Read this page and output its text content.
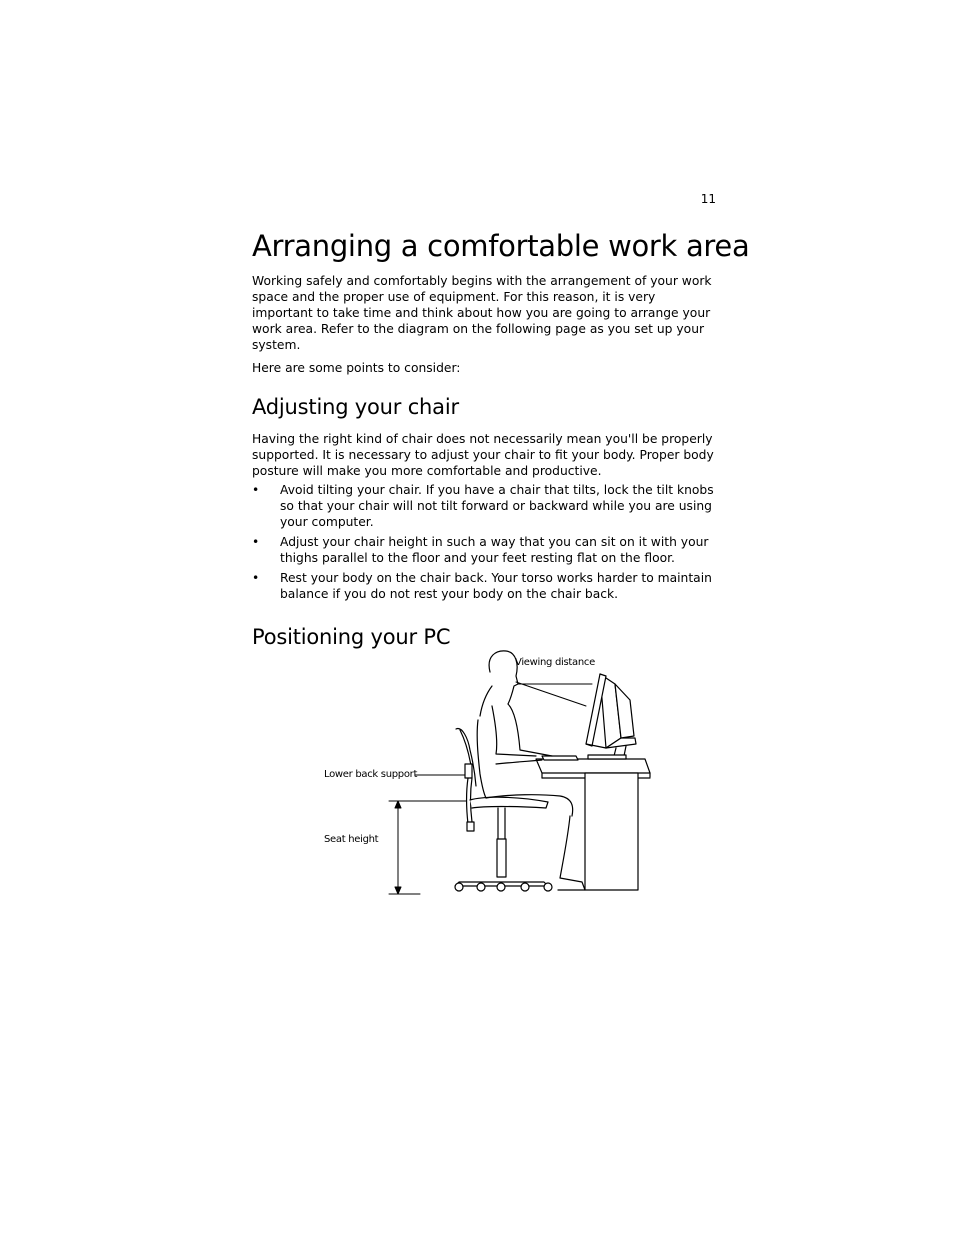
11
Arranging a comfortable work area

Working safely and comfortably begins with the arrangement of your work space and the proper use of equipment. For this reason, it is very important to take time and think about how you are going to arrange your work area. Refer to the diagram on the following page as you set up your system.

Here are some points to consider:

Adjusting your chair

Having the right kind of chair does not necessarily mean you'll be properly supported. It is necessary to adjust your chair to fit your body. Proper body posture will make you more comfortable and productive.

• Avoid tilting your chair. If you have a chair that tilts, lock the tilt knobs so that your chair will not tilt forward or backward while you are using your computer.
• Adjust your chair height in such a way that you can sit on it with your thighs parallel to the floor and your feet resting flat on the floor.
• Rest your body on the chair back. Your torso works harder to maintain balance if you do not rest your body on the chair back.
Positioning your PC
Viewing distance
Lower back support
Seat height
